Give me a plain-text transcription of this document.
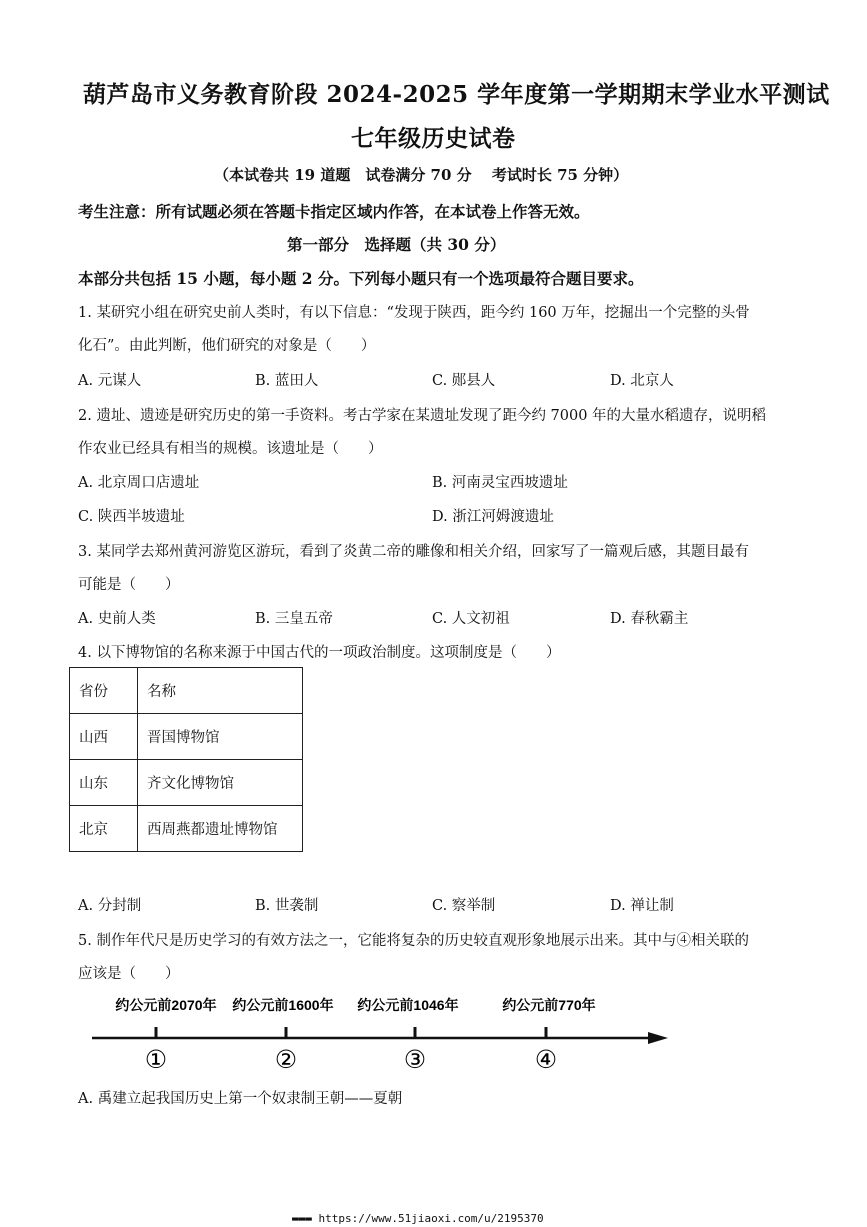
葫芦岛市义务教育阶段 2024-2025 学年度第一学期期末学业水平测试
七年级历史试卷
（本试卷共 19 道题　试卷满分 70 分　 考试时长 75 分钟）
考生注意：所有试题必须在答题卡指定区域内作答，在本试卷上作答无效。
第一部分　选择题（共 30 分）
本部分共包括 15 小题，每小题 2 分。下列每小题只有一个选项最符合题目要求。
1. 某研究小组在研究史前人类时，有以下信息：“发现于陕西，距今约 160 万年，挖掘出一个完整的头骨
化石”。由此判断，他们研究的对象是（　　）
A. 元谋人	B. 蓝田人	C. 郧县人	D. 北京人
2. 遗址、遗迹是研究历史的第一手资料。考古学家在某遗址发现了距今约 7000 年的大量水稻遗存，说明稻
作农业已经具有相当的规模。该遗址是（　　）
A. 北京周口店遗址	B. 河南灵宝西坡遗址
C. 陕西半坡遗址	D. 浙江河姆渡遗址
3. 某同学去郑州黄河游览区游玩，看到了炎黄二帝的雕像和相关介绍，回家写了一篇观后感，其题目最有
可能是（　　）
A. 史前人类	B. 三皇五帝	C. 人文初祖	D. 春秋霸主
4. 以下博物馆的名称来源于中国古代的一项政治制度。这项制度是（　　）
省份	名称
山西	晋国博物馆
山东	齐文化博物馆
北京	西周燕都遗址博物馆
A. 分封制	B. 世袭制	C. 察举制	D. 禅让制
5. 制作年代尺是历史学习的有效方法之一，它能将复杂的历史较直观形象地展示出来。其中与④相关联的
应该是（　　）
约公元前2070年 约公元前1600年 约公元前1046年	约公元前770年
①	②	③	④
A. 禹建立起我国历史上第一个奴隶制王朝——夏朝
▬▬▬ https://www.51jiaoxi.com/u/2195370
